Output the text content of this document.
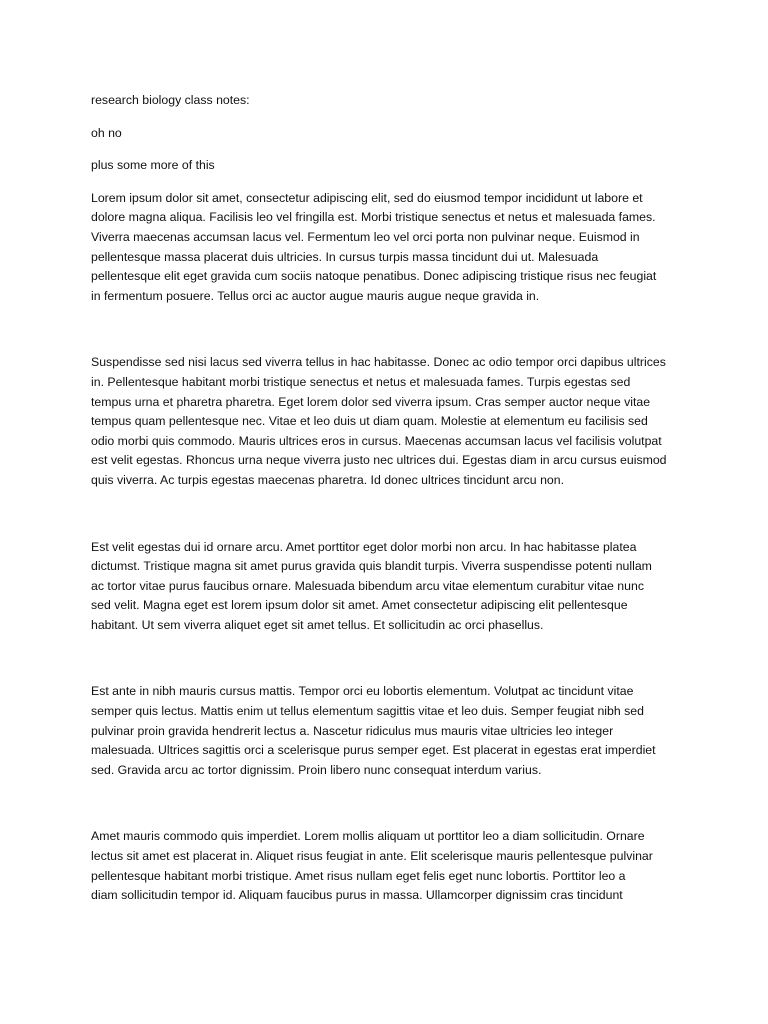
research biology class notes:

oh no

plus some more of this

Lorem ipsum dolor sit amet, consectetur adipiscing elit, sed do eiusmod tempor incididunt ut labore et
dolore magna aliqua. Facilisis leo vel fringilla est. Morbi tristique senectus et netus et malesuada fames.
Viverra maecenas accumsan lacus vel. Fermentum leo vel orci porta non pulvinar neque. Euismod in
pellentesque massa placerat duis ultricies. In cursus turpis massa tincidunt dui ut. Malesuada
pellentesque elit eget gravida cum sociis natoque penatibus. Donec adipiscing tristique risus nec feugiat
in fermentum posuere. Tellus orci ac auctor augue mauris augue neque gravida in.
Suspendisse sed nisi lacus sed viverra tellus in hac habitasse. Donec ac odio tempor orci dapibus ultrices
in. Pellentesque habitant morbi tristique senectus et netus et malesuada fames. Turpis egestas sed
tempus urna et pharetra pharetra. Eget lorem dolor sed viverra ipsum. Cras semper auctor neque vitae
tempus quam pellentesque nec. Vitae et leo duis ut diam quam. Molestie at elementum eu facilisis sed
odio morbi quis commodo. Mauris ultrices eros in cursus. Maecenas accumsan lacus vel facilisis volutpat
est velit egestas. Rhoncus urna neque viverra justo nec ultrices dui. Egestas diam in arcu cursus euismod
quis viverra. Ac turpis egestas maecenas pharetra. Id donec ultrices tincidunt arcu non.
Est velit egestas dui id ornare arcu. Amet porttitor eget dolor morbi non arcu. In hac habitasse platea
dictumst. Tristique magna sit amet purus gravida quis blandit turpis. Viverra suspendisse potenti nullam
ac tortor vitae purus faucibus ornare. Malesuada bibendum arcu vitae elementum curabitur vitae nunc
sed velit. Magna eget est lorem ipsum dolor sit amet. Amet consectetur adipiscing elit pellentesque
habitant. Ut sem viverra aliquet eget sit amet tellus. Et sollicitudin ac orci phasellus.
Est ante in nibh mauris cursus mattis. Tempor orci eu lobortis elementum. Volutpat ac tincidunt vitae
semper quis lectus. Mattis enim ut tellus elementum sagittis vitae et leo duis. Semper feugiat nibh sed
pulvinar proin gravida hendrerit lectus a. Nascetur ridiculus mus mauris vitae ultricies leo integer
malesuada. Ultrices sagittis orci a scelerisque purus semper eget. Est placerat in egestas erat imperdiet
sed. Gravida arcu ac tortor dignissim. Proin libero nunc consequat interdum varius.
Amet mauris commodo quis imperdiet. Lorem mollis aliquam ut porttitor leo a diam sollicitudin. Ornare
lectus sit amet est placerat in. Aliquet risus feugiat in ante. Elit scelerisque mauris pellentesque pulvinar
pellentesque habitant morbi tristique. Amet risus nullam eget felis eget nunc lobortis. Porttitor leo a
diam sollicitudin tempor id. Aliquam faucibus purus in massa. Ullamcorper dignissim cras tincidunt
